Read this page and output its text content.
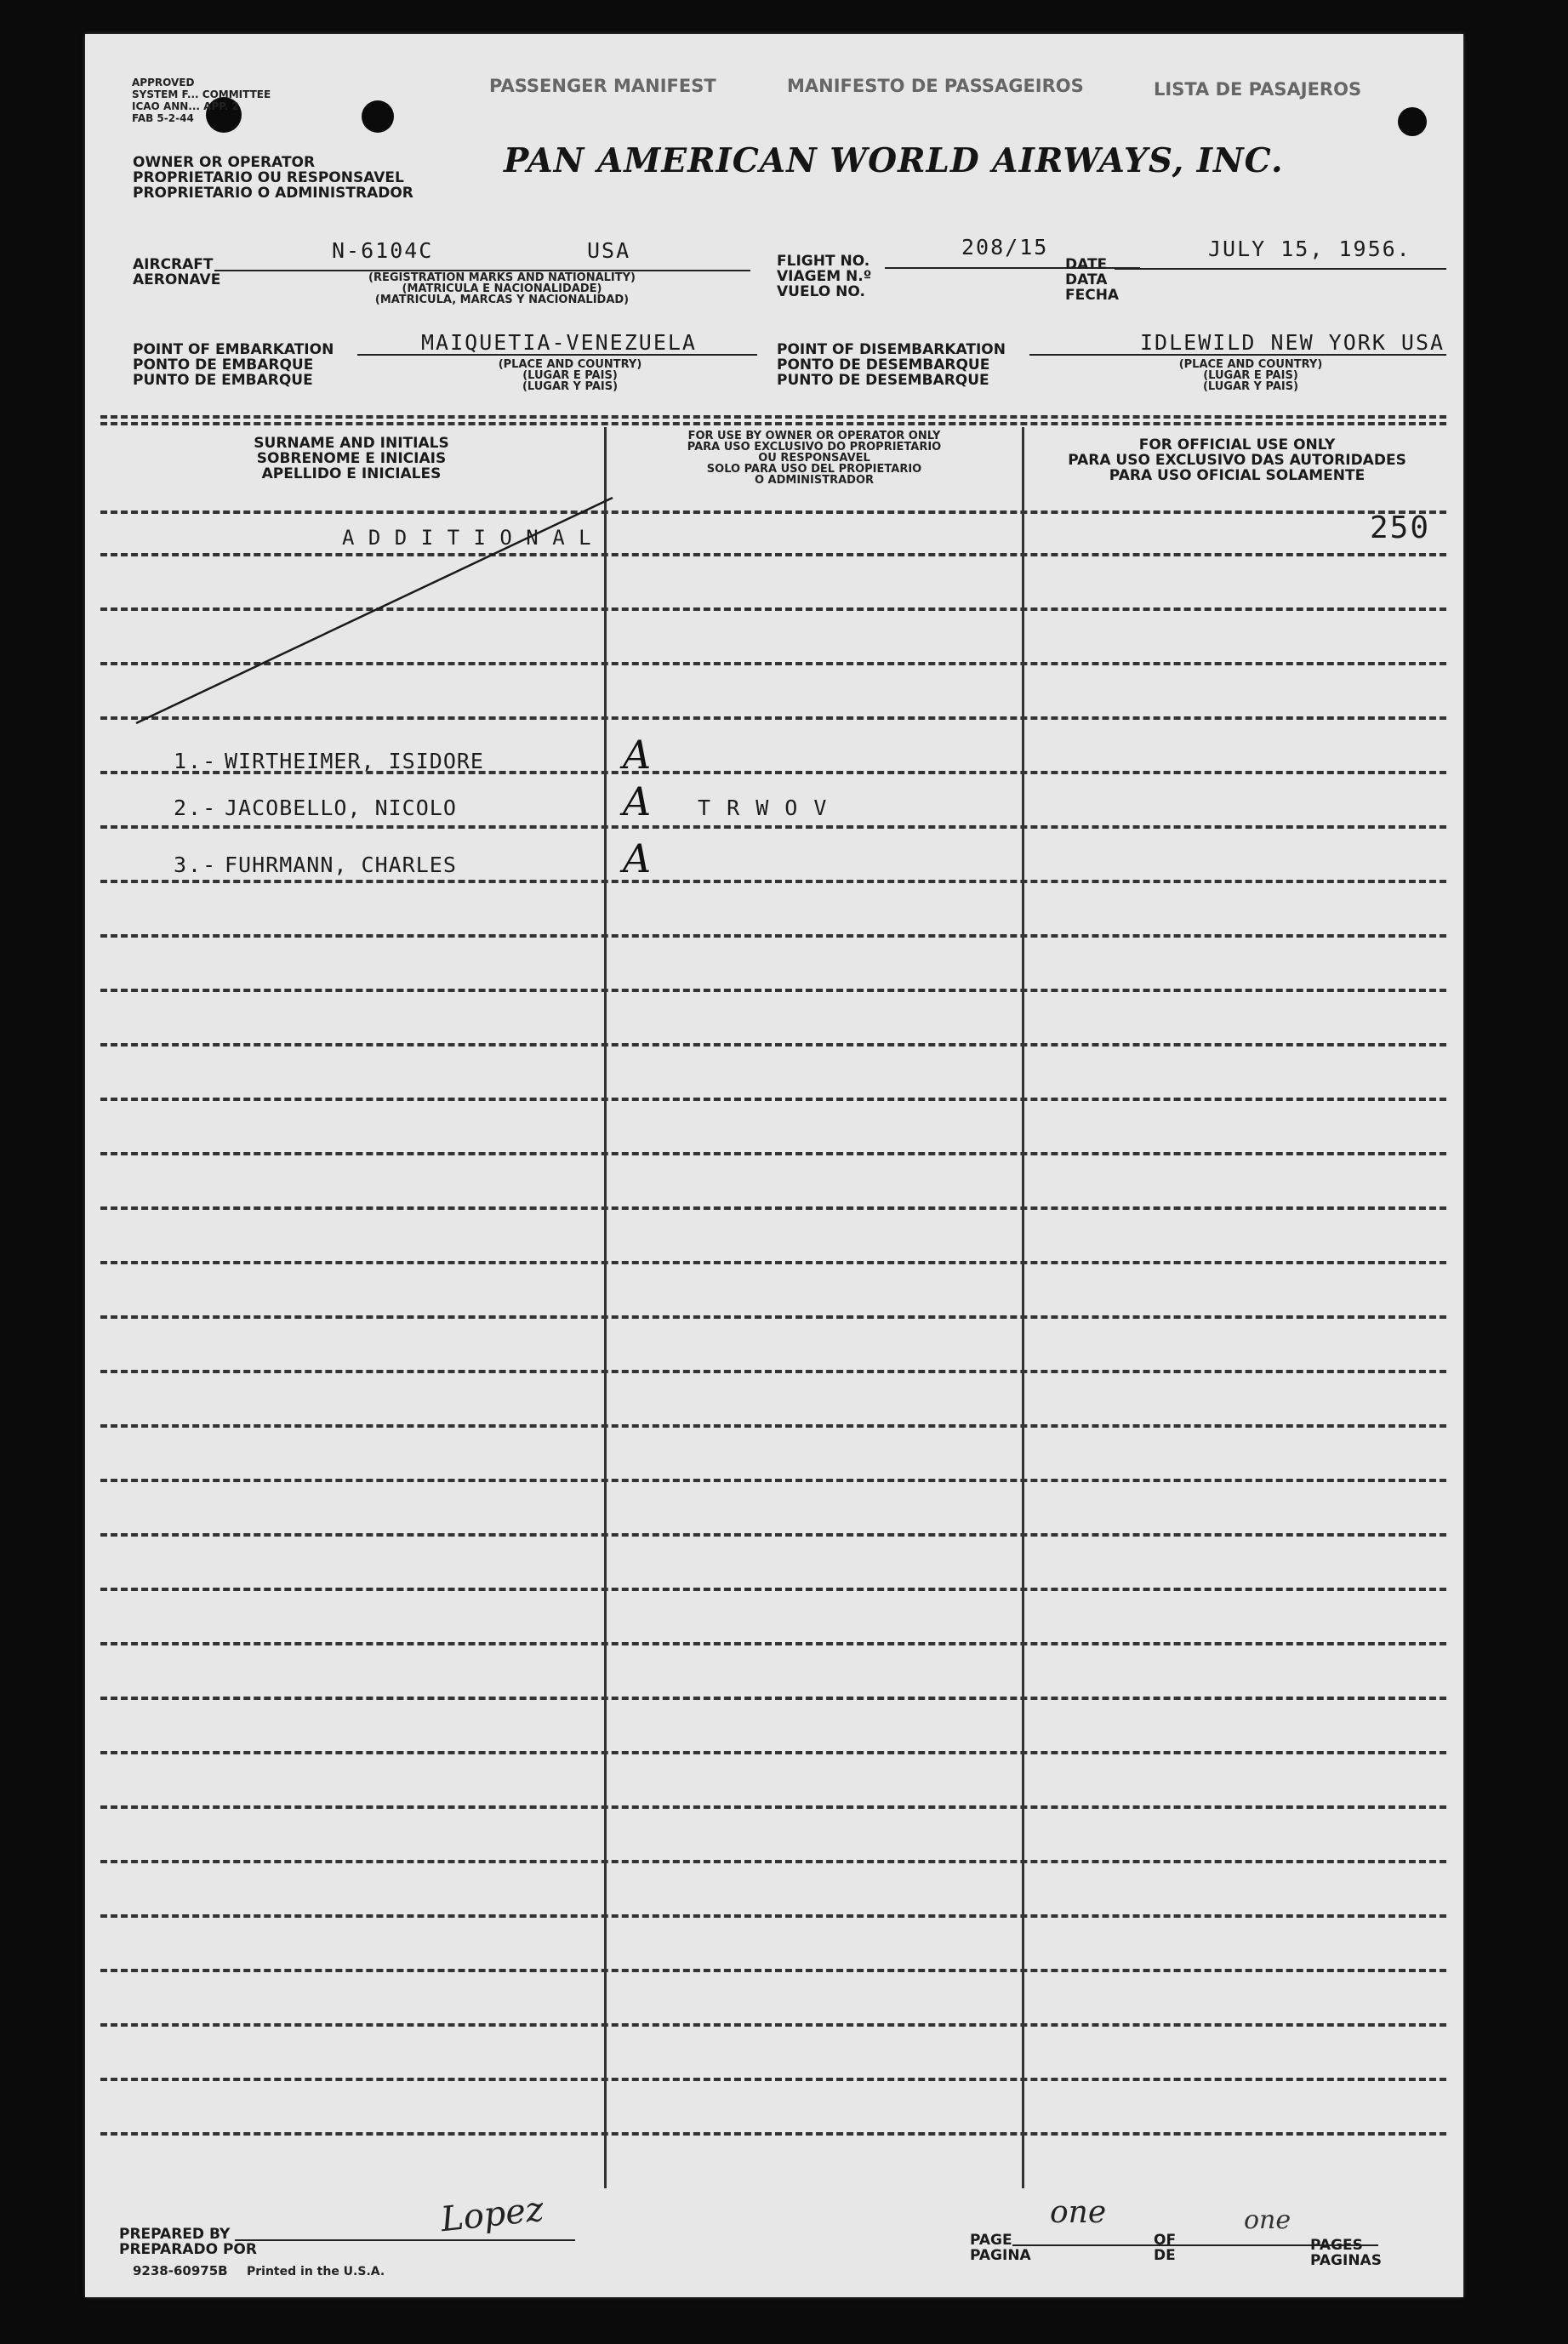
APPROVED
SYSTEM F... COMMITTEE
ICAO ANN... APP. 2
FAB 5-2-44
PASSENGER MANIFEST	MANIFESTO DE PASSAGEIROS	LISTA DE PASAJEROS
OWNER OR OPERATOR
PROPRIETARIO OU RESPONSAVEL
PROPRIETARIO O ADMINISTRADOR
PAN AMERICAN WORLD AIRWAYS, INC.
AIRCRAFT
AERONAVE
N-6104C	USA
(REGISTRATION MARKS AND NATIONALITY)
(MATRICULA E NACIONALIDADE)
(MATRICULA, MARCAS Y NACIONALIDAD)
FLIGHT NO.
VIAGEM N.º
VUELO NO.
208/15
DATE
DATA
FECHA
JULY 15, 1956.
POINT OF EMBARKATION
PONTO DE EMBARQUE
PUNTO DE EMBARQUE
MAIQUETIA-VENEZUELA
(PLACE AND COUNTRY)
(LUGAR E PAIS)
(LUGAR Y PAIS)
POINT OF DISEMBARKATION
PONTO DE DESEMBARQUE
PUNTO DE DESEMBARQUE
IDLEWILD NEW YORK USA
(PLACE AND COUNTRY)
(LUGAR E PAIS)
(LUGAR Y PAIS)
SURNAME AND INITIALS
SOBRENOME E INICIAIS
APELLIDO E INICIALES
FOR USE BY OWNER OR OPERATOR ONLY
PARA USO EXCLUSIVO DO PROPRIETARIO
OU RESPONSAVEL
SOLO PARA USO DEL PROPIETARIO
O ADMINISTRADOR
FOR OFFICIAL USE ONLY
PARA USO EXCLUSIVO DAS AUTORIDADES
PARA USO OFICIAL SOLAMENTE
A D D I T I O N A L	250
1.- WIRTHEIMER, ISIDORE	A
2.- JACOBELLO, NICOLO	A T R W O V
3.- FUHRMANN, CHARLES	A
PREPARED BY
PREPARADO POR
Lopez
9238-60975B Printed in the U.S.A.
PAGE
PAGINA
one
OF
DE
one
PAGES
PAGINAS
